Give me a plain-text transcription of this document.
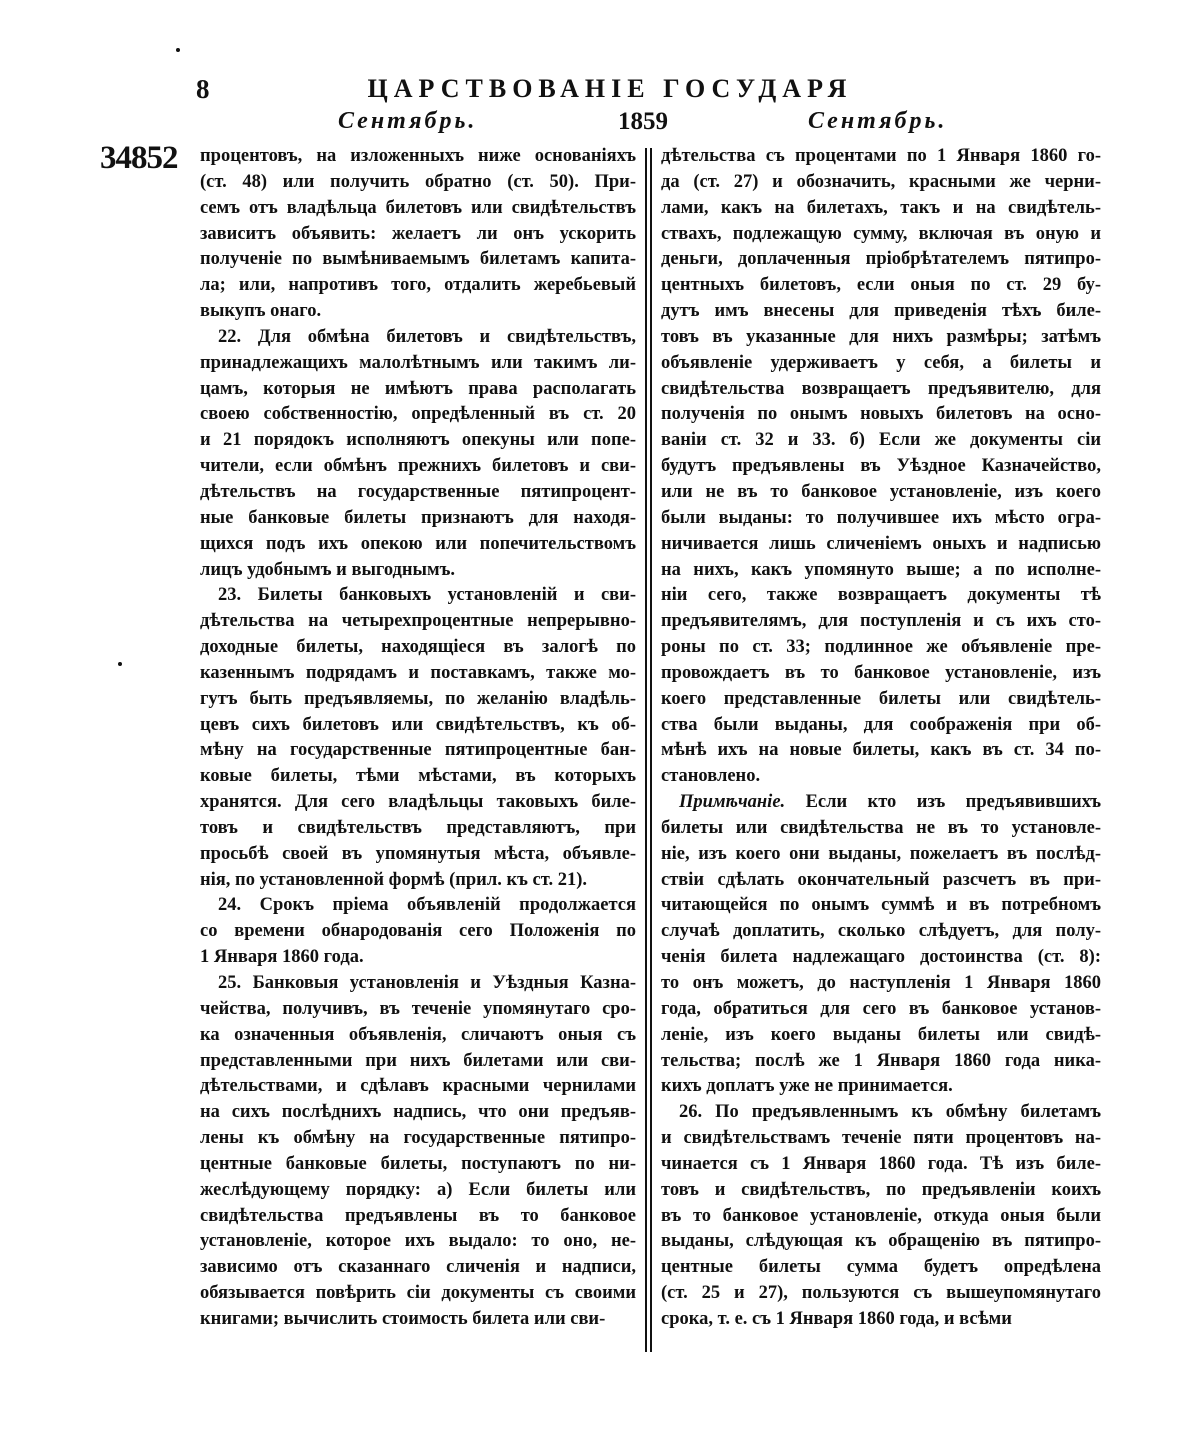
8	ЦАРСТВОВАНІЕ ГОСУДАРЯ
Сентябрь.	1859	Сентябрь.
34852 процентовъ, на изложенныхъ ниже основаніяхъ
(ст. 48) или получить обратно (ст. 50). При-
семъ отъ владѣльца билетовъ или свидѣтельствъ
зависитъ объявить: желаетъ ли онъ ускорить
полученіе по вымѣниваемымъ билетамъ капита-
ла; или, напротивъ того, отдалить жеребьевый
выкупъ онаго.
22. Для обмѣна билетовъ и свидѣтельствъ,
принадлежащихъ малолѣтнымъ или такимъ ли-
цамъ, которыя не имѣютъ права располагать
своею собственностію, опредѣленный въ ст. 20
и 21 порядокъ исполняютъ опекуны или попе-
чители, если обмѣнъ прежнихъ билетовъ и сви-
дѣтельствъ на государственные пятипроцент-
ные банковые билеты признаютъ для находя-
щихся подъ ихъ опекою или попечительствомъ
лицъ удобнымъ и выгоднымъ.
23. Билеты банковыхъ установленій и сви-
дѣтельства на четырехпроцентные непрерывно-
доходные билеты, находящіеся въ залогѣ по
казеннымъ подрядамъ и поставкамъ, также мо-
гутъ быть предъявляемы, по желанію владѣль-
цевъ сихъ билетовъ или свидѣтельствъ, къ об-
мѣну на государственные пятипроцентные бан-
ковые билеты, тѣми мѣстами, въ которыхъ
хранятся. Для сего владѣльцы таковыхъ биле-
товъ и свидѣтельствъ представляютъ, при
просьбѣ своей въ упомянутыя мѣста, объявле-
нія, по установленной формѣ (прил. къ ст. 21).
24. Срокъ пріема объявленій продолжается
со времени обнародованія сего Положенія по
1 Января 1860 года.
25. Банковыя установленія и Уѣздныя Казна-
чейства, получивъ, въ теченіе упомянутаго сро-
ка означенныя объявленія, сличаютъ оныя съ
представленными при нихъ билетами или сви-
дѣтельствами, и сдѣлавъ красными чернилами
на сихъ послѣднихъ надпись, что они предъяв-
лены къ обмѣну на государственные пятипро-
центные банковые билеты, поступаютъ по ни-
жеслѣдующему порядку: а) Если билеты или
свидѣтельства предъявлены въ то банковое
установленіе, которое ихъ выдало: то оно, не-
зависимо отъ сказаннаго сличенія и надписи,
обязывается повѣрить сіи документы съ своими
книгами; вычислить стоимость билета или сви-
дѣтельства съ процентами по 1 Января 1860 го-
да (ст. 27) и обозначить, красными же черни-
лами, какъ на билетахъ, такъ и на свидѣтель-
ствахъ, подлежащую сумму, включая въ оную и
деньги, доплаченныя пріобрѣтателемъ пятипро-
центныхъ билетовъ, если оныя по ст. 29 бу-
дутъ имъ внесены для приведенія тѣхъ биле-
товъ въ указанные для нихъ размѣры; затѣмъ
объявленіе удерживаетъ у себя, а билеты и
свидѣтельства возвращаетъ предъявителю, для
полученія по онымъ новыхъ билетовъ на осно-
ваніи ст. 32 и 33. б) Если же документы сіи
будутъ предъявлены въ Уѣздное Казначейство,
или не въ то банковое установленіе, изъ коего
были выданы: то получившее ихъ мѣсто огра-
ничивается лишь сличеніемъ оныхъ и надписью
на нихъ, какъ упомянуто выше; а по исполне-
ніи сего, также возвращаетъ документы тѣ
предъявителямъ, для поступленія и съ ихъ сто-
роны по ст. 33; подлинное же объявленіе пре-
провождаетъ въ то банковое установленіе, изъ
коего представленные билеты или свидѣтель-
ства были выданы, для соображенія при об-
мѣнѣ ихъ на новые билеты, какъ въ ст. 34 по-
становлено.
Примѣчаніе. Если кто изъ предъявившихъ
билеты или свидѣтельства не въ то установле-
ніе, изъ коего они выданы, пожелаетъ въ послѣд-
ствіи сдѣлать окончательный разсчетъ въ при-
читающейся по онымъ суммѣ и въ потребномъ
случаѣ доплатить, сколько слѣдуетъ, для полу-
ченія билета надлежащаго достоинства (ст. 8):
то онъ можетъ, до наступленія 1 Января 1860
года, обратиться для сего въ банковое установ-
леніе, изъ коего выданы билеты или свидѣ-
тельства; послѣ же 1 Января 1860 года ника-
кихъ доплатъ уже не принимается.
26. По предъявленнымъ къ обмѣну билетамъ
и свидѣтельствамъ теченіе пяти процентовъ на-
чинается съ 1 Января 1860 года. Тѣ изъ биле-
товъ и свидѣтельствъ, по предъявленіи коихъ
въ то банковое установленіе, откуда оныя были
выданы, слѣдующая къ обращенію въ пятипро-
центные билеты сумма будетъ опредѣлена
(ст. 25 и 27), пользуются съ вышеупомянутаго
срока, т. е. съ 1 Января 1860 года, и всѣми
